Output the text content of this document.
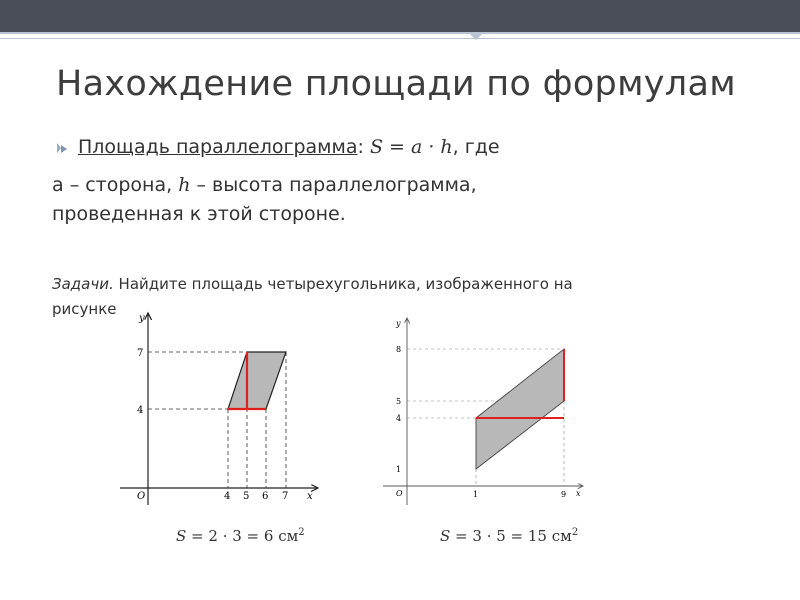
Нахождение площади по формулам
Площадь параллелограмма: S = a · h, где
a – сторона, h – высота параллелограмма,
проведенная к этой стороне.
Задачи. Найдите площадь четырехугольника, изображенного на
рисунке
y
x
O
7
4
4 5 6 7
y
x
O
8
5
4
1
1	9
S = 2 · 3 = 6 $см^2$	S = 3 · 5 = 15 $см^2$
